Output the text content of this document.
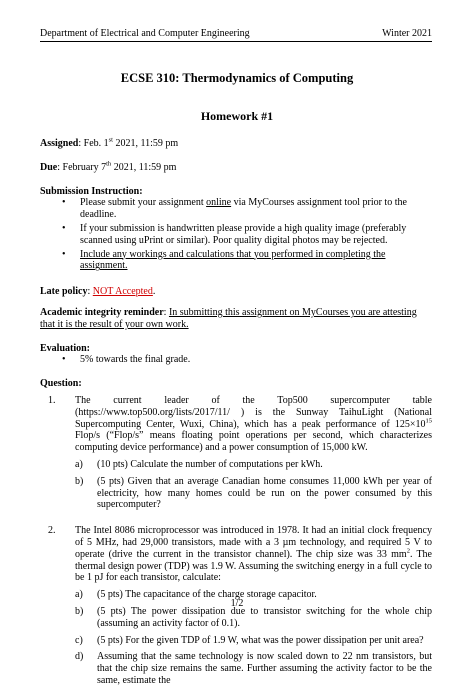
Department of Electrical and Computer Engineering	Winter 2021
ECSE 310: Thermodynamics of Computing
Homework #1

Assigned: Feb. 1st 2021, 11:59 pm

Due: February 7th 2021, 11:59 pm

Submission Instruction:

• Please submit your assignment online via MyCourses assignment tool prior to the deadline.
• If your submission is handwritten please provide a high quality image (preferably scanned using uPrint or similar). Poor quality digital photos may be rejected.
• Include any workings and calculations that you performed in completing the assignment.

Late policy: NOT Accepted.

Academic integrity reminder: In submitting this assignment on MyCourses you are attesting that it is the result of your own work.

Evaluation:

• 5% towards the final grade.

Question:

1. The current leader of the Top500 supercomputer table (https://www.top500.org/lists/2017/11/ ) is the Sunway TaihuLight (National Supercomputing Center, Wuxi, China), which has a peak performance of $125\times 10^{15}$ Flop/s (“Flop/s” means floating point operations per second, which characterizes computing device performance) and a power consumption of 15,000 kW.
a) (10 pts) Calculate the number of computations per kWh.
b) (5 pts) Given that an average Canadian home consumes 11,000 kWh per year of electricity, how many homes could be run on the power consumed by this supercomputer?
2. The Intel 8086 microprocessor was introduced in 1978. It had an initial clock frequency of 5 MHz, had 29,000 transistors, made with a 3 µm technology, and required 5 V to operate (drive the current in the transistor channel). The chip size was 33 $mm^2$. The thermal design power (TDP) was 1.9 W. Assuming the switching energy in a full cycle to be 1 pJ for each transistor, calculate:
a) (5 pts) The capacitance of the charge storage capacitor.
b) (5 pts) The power dissipation due to transistor switching for the whole chip (assuming an activity factor of 0.1).
c) (5 pts) For the given TDP of 1.9 W, what was the power dissipation per unit area?
d) Assuming that the same technology is now scaled down to 22 nm transistors, but that the chip size remains the same. Further assuming the activity factor to be the same, estimate the
1/2
